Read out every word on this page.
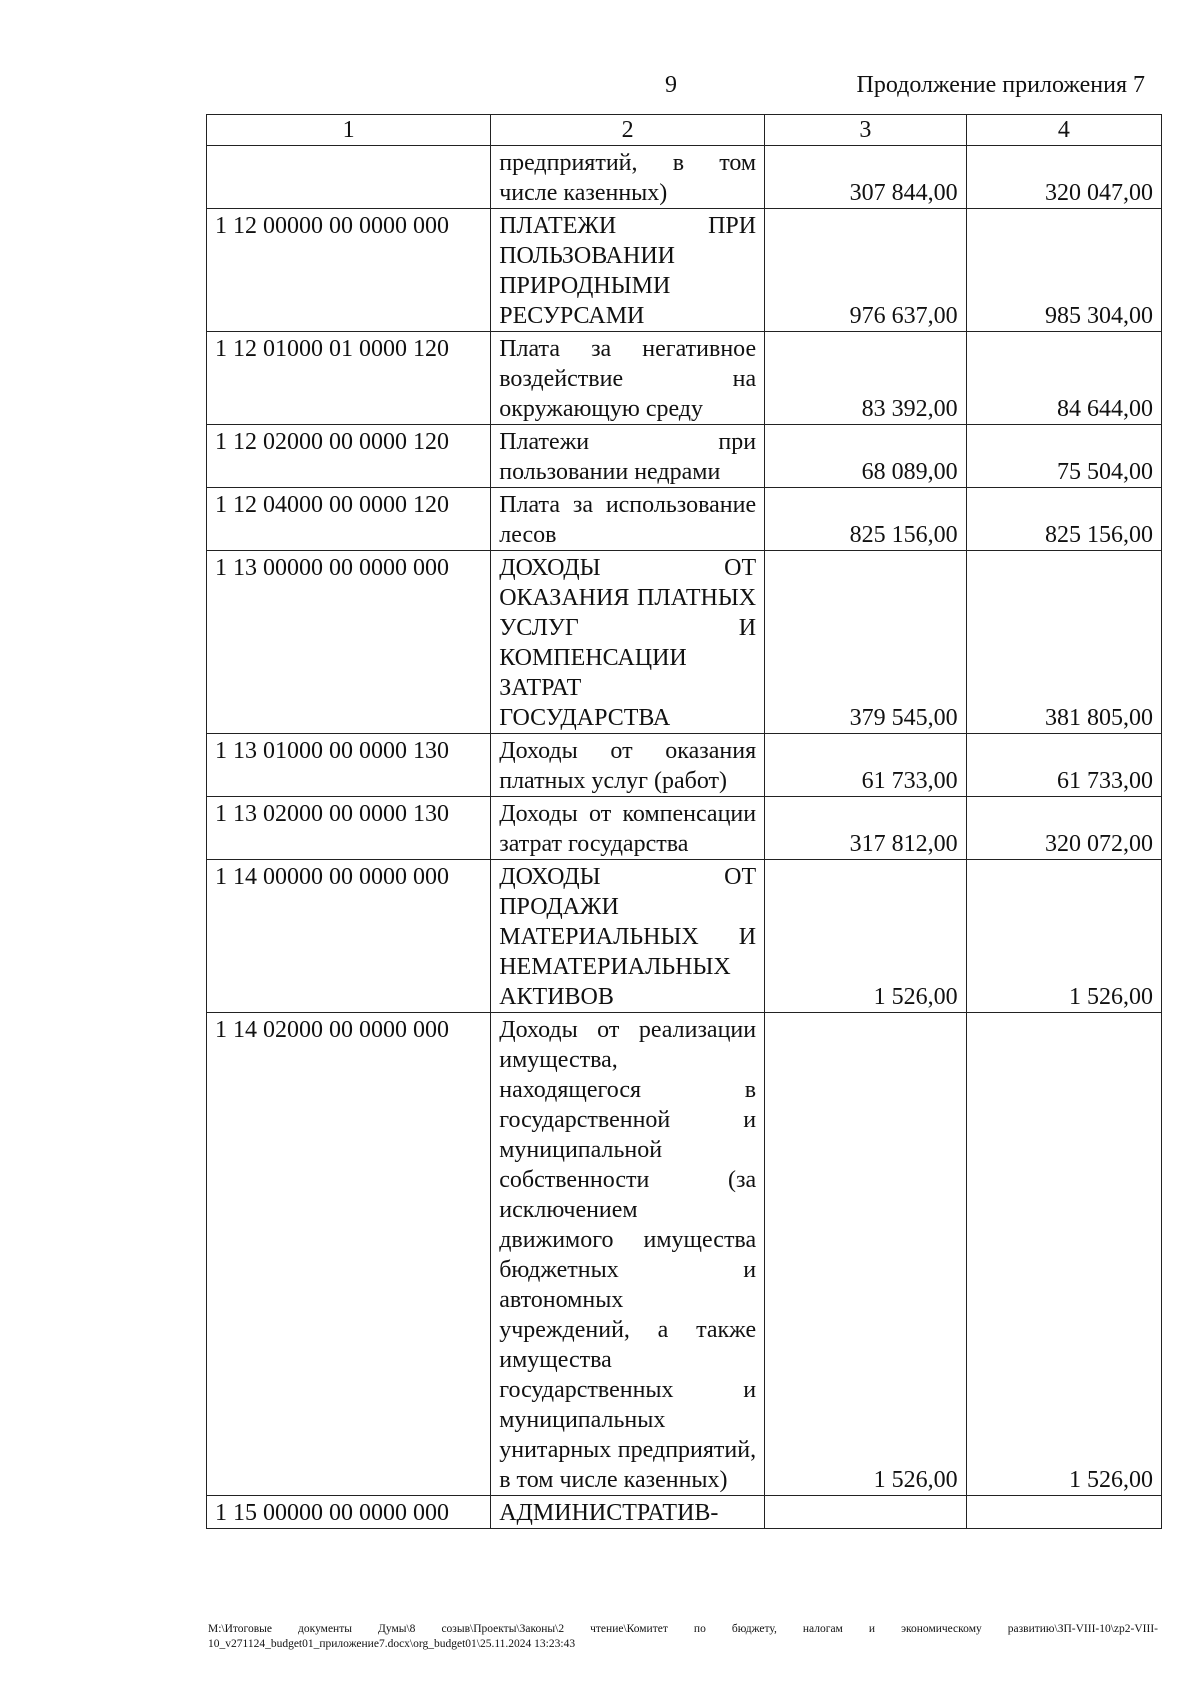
9	Продолжение приложения 7
1	2	3	4
	предприятий, в том числе казенных)	307 844,00	320 047,00
1 12 00000 00 0000 000	ПЛАТЕЖИ ПРИ ПОЛЬЗОВАНИИ ПРИРОДНЫМИ РЕСУРСАМИ	976 637,00	985 304,00
1 12 01000 01 0000 120	Плата за негативное воздействие на окружающую среду	83 392,00	84 644,00
1 12 02000 00 0000 120	Платежи при пользовании недрами	68 089,00	75 504,00
1 12 04000 00 0000 120	Плата за использование лесов	825 156,00	825 156,00
1 13 00000 00 0000 000	ДОХОДЫ ОТ ОКАЗАНИЯ ПЛАТНЫХ УСЛУГ И КОМПЕНСАЦИИ ЗАТРАТ ГОСУДАРСТВА	379 545,00	381 805,00
1 13 01000 00 0000 130	Доходы от оказания платных услуг (работ)	61 733,00	61 733,00
1 13 02000 00 0000 130	Доходы от компенсации затрат государства	317 812,00	320 072,00
1 14 00000 00 0000 000	ДОХОДЫ ОТ ПРОДАЖИ МАТЕРИАЛЬНЫХ И НЕМАТЕРИАЛЬНЫХ АКТИВОВ	1 526,00	1 526,00
1 14 02000 00 0000 000	Доходы от реализации имущества, находящегося в государственной и муниципальной собственности (за исключением движимого имущества бюджетных и автономных учреждений, а также имущества государственных и муниципальных унитарных предприятий, в том числе казенных)	1 526,00	1 526,00
1 15 00000 00 0000 000	АДМИНИСТРАТИВ-		
M:\Итоговые документы Думы\8 созыв\Проекты\Законы\2 чтение\Комитет по бюджету, налогам и экономическому развитию\ЗП-VIII-10\zp2-VIII-10_v271124_budget01_приложение7.docx\org_budget01\25.11.2024 13:23:43
